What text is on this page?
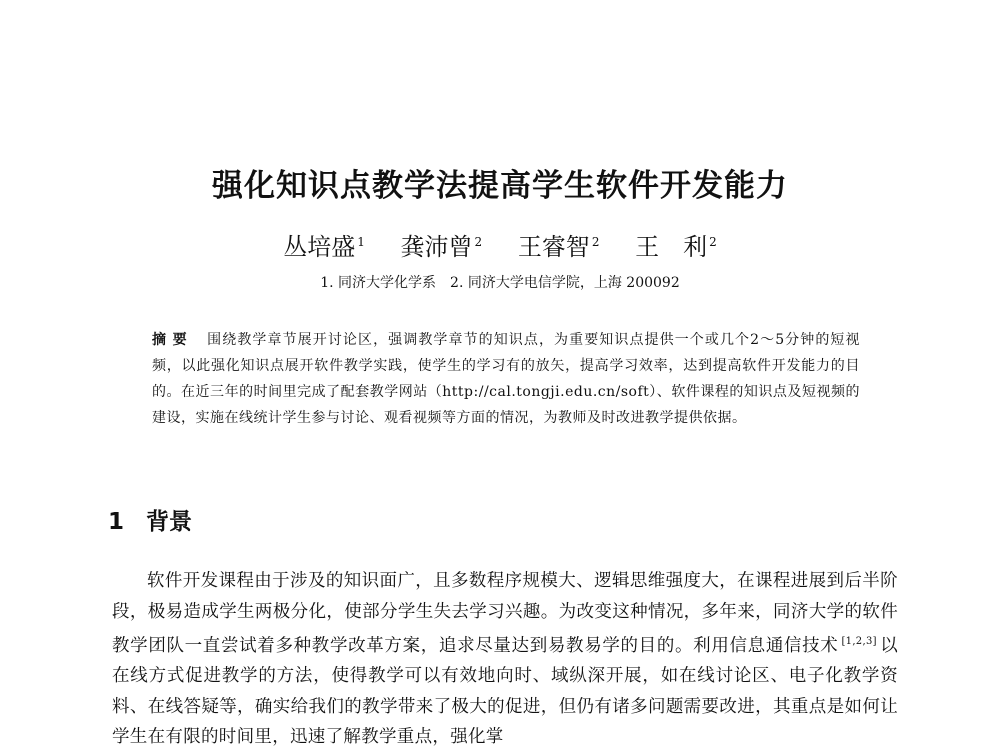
强化知识点教学法提高学生软件开发能力
丛培盛 $^1$ 龚沛曾 $^2$ 王睿智 $^2$ 王　利 $^2$
1. 同济大学化学系　2. 同济大学电信学院，上海 200092
摘要 围绕教学章节展开讨论区，强调教学章节的知识点，为重要知识点提供一个或几个2～5分钟的短视频，以此强化知识点展开软件教学实践，使学生的学习有的放矢，提高学习效率，达到提高软件开发能力的目的。在近三年的时间里完成了配套教学网站（http://cal.tongji.edu.cn/soft）、软件课程的知识点及短视频的建设，实施在线统计学生参与讨论、观看视频等方面的情况，为教师及时改进教学提供依据。
1 背景
软件开发课程由于涉及的知识面广，且多数程序规模大、逻辑思维强度大，在课程进展到后半阶段，极易造成学生两极分化，使部分学生失去学习兴趣。为改变这种情况，多年来，同济大学的软件教学团队一直尝试着多种教学改革方案，追求尽量达到易教易学的目的。利用信息通信技术 [1,2,3] 以在线方式促进教学的方法，使得教学可以有效地向时、域纵深开展，如在线讨论区、电子化教学资料、在线答疑等，确实给我们的教学带来了极大的促进，但仍有诸多问题需要改进，其重点是如何让学生在有限的时间里，迅速了解教学重点，强化掌
